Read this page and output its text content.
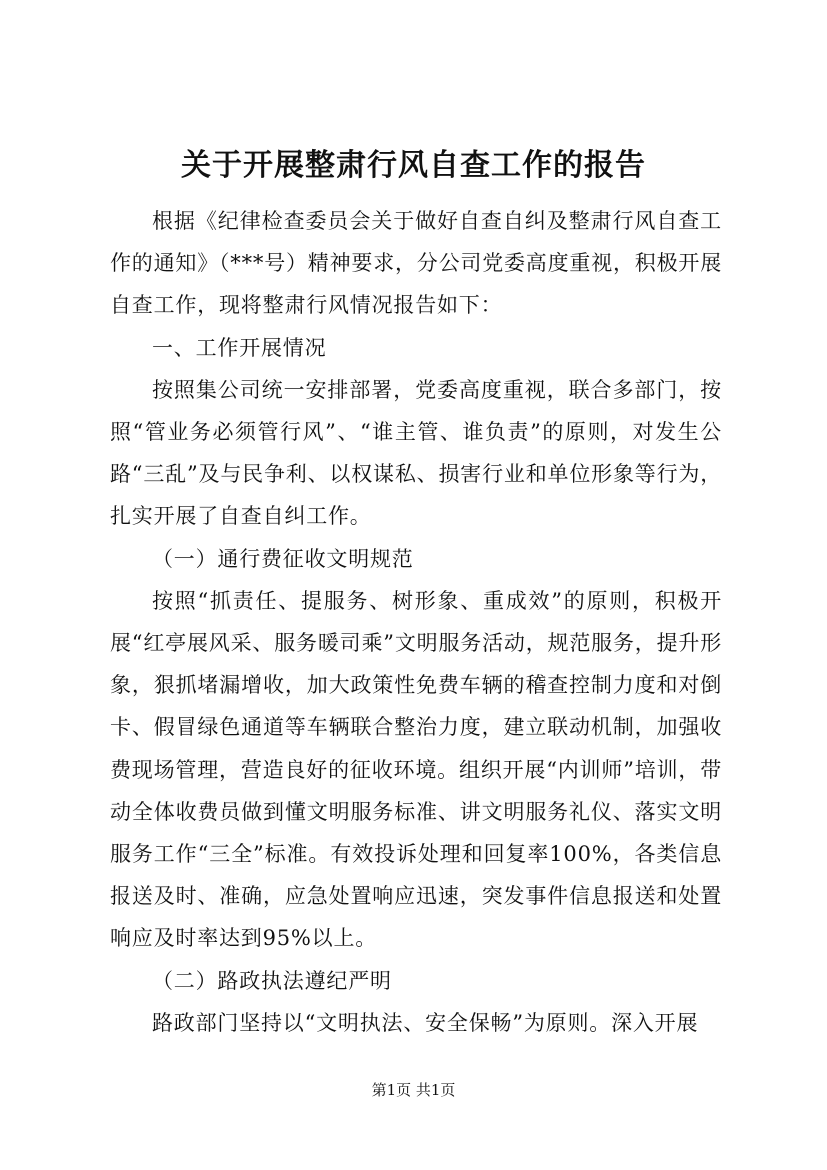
关于开展整肃行风自查工作的报告

根据《纪律检查委员会关于做好自查自纠及整肃行风自查工作的通知》（***号）精神要求，分公司党委高度重视，积极开展自查工作，现将整肃行风情况报告如下：

一、工作开展情况

按照集公司统一安排部署，党委高度重视，联合多部门，按照“管业务必须管行风”、“谁主管、谁负责”的原则，对发生公路“三乱”及与民争利、以权谋私、损害行业和单位形象等行为，扎实开展了自查自纠工作。

（一）通行费征收文明规范

按照“抓责任、提服务、树形象、重成效”的原则，积极开展“红亭展风采、服务暖司乘”文明服务活动，规范服务，提升形象，狠抓堵漏增收，加大政策性免费车辆的稽查控制力度和对倒卡、假冒绿色通道等车辆联合整治力度，建立联动机制，加强收费现场管理，营造良好的征收环境。组织开展“内训师”培训，带动全体收费员做到懂文明服务标准、讲文明服务礼仪、落实文明服务工作“三全”标准。有效投诉处理和回复率100%，各类信息报送及时、准确，应急处置响应迅速，突发事件信息报送和处置响应及时率达到95%以上。

（二）路政执法遵纪严明

路政部门坚持以“文明执法、安全保畅”为原则。深入开展

第1页 共1页
